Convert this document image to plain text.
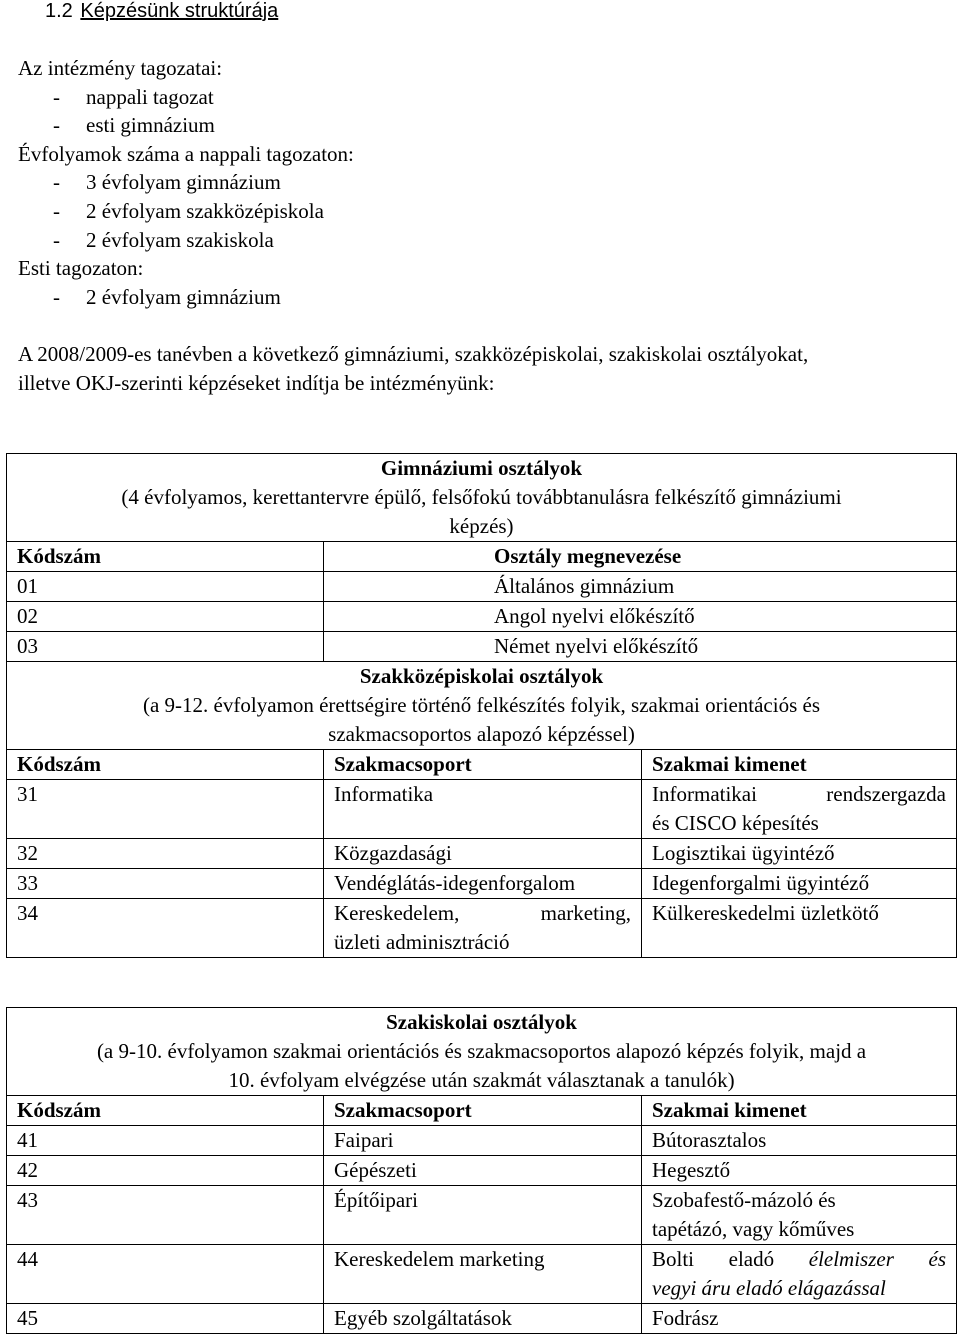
1.2 Képzésünk struktúrája
Az intézmény tagozatai:
- nappali tagozat
- esti gimnázium
Évfolyamok száma a nappali tagozaton:
- 3 évfolyam gimnázium
- 2 évfolyam szakközépiskola
- 2 évfolyam szakiskola
Esti tagozaton:
- 2 évfolyam gimnázium
A 2008/2009-es tanévben a következő gimnáziumi, szakközépiskolai, szakiskolai osztályokat,
illetve OKJ-szerinti képzéseket indítja be intézményünk:
Gimnáziumi osztályok
(4 évfolyamos, kerettantervre épülő, felsőfokú továbbtanulásra felkészítő gimnáziumi
képzés)		

Kódszám	Osztály megnevezése	
01	Általános gimnázium	
02	Angol nyelvi előkészítő	
03	Német nyelvi előkészítő	

Szakközépiskolai osztályok
(a 9-12. évfolyamon érettségire történő felkészítés folyik, szakmai orientációs és
szakmacsoportos alapozó képzéssel)		

Kódszám	Szakmacsoport	Szakmai kimenet
31	Informatika	Informatikai rendszergazda
és CISCO képesítés

32	Közgazdasági	Logisztikai ügyintéző
33	Vendéglátás-idegenforgalom	Idegenforgalmi ügyintéző
34	Kereskedelem, marketing,
üzleti adminisztráció	Külkereskedelmi üzletkötő
Szakiskolai osztályok
(a 9-10. évfolyamon szakmai orientációs és szakmacsoportos alapozó képzés folyik, majd a
10. évfolyam elvégzése után szakmát választanak a tanulók)		

Kódszám	Szakmacsoport	Szakmai kimenet
41	Faipari	Bútorasztalos
42	Gépészeti	Hegesztő
43	Építőipari	Szobafestő-mázoló és
tapétázó, vagy kőműves

44	Kereskedelem marketing	Bolti eladó élelmiszer és
vegyi áru eladó elágazással

45	Egyéb szolgáltatások	Fodrász
